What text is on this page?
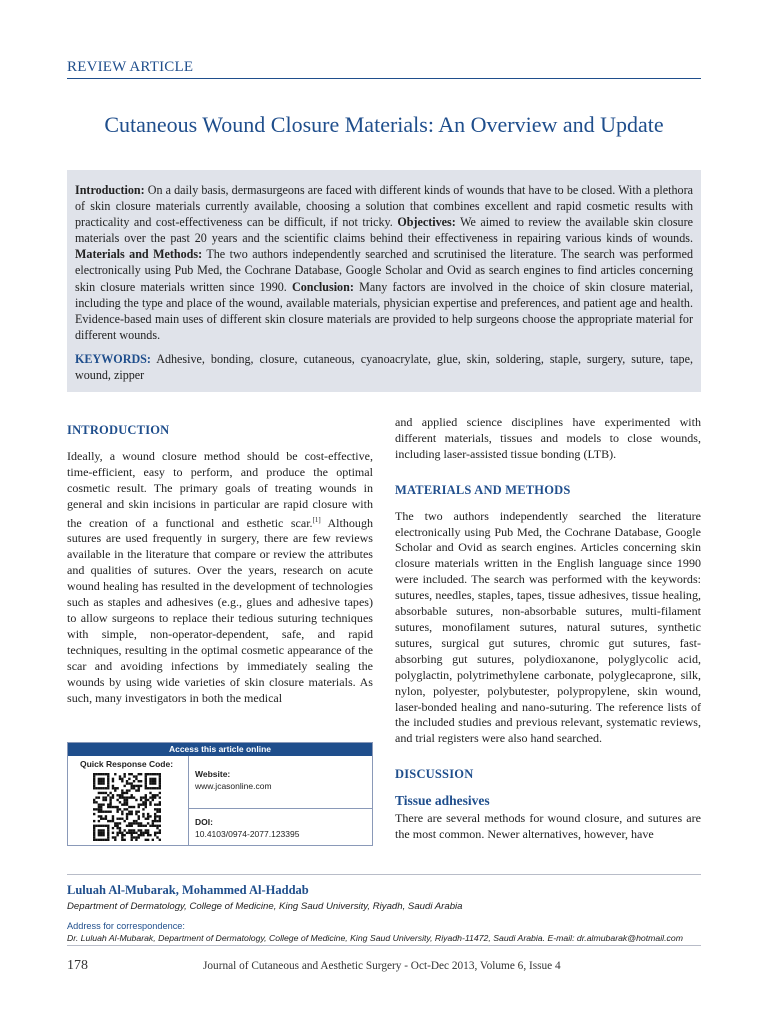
REVIEW ARTICLE
Cutaneous Wound Closure Materials: An Overview and Update

Introduction: On a daily basis, dermasurgeons are faced with different kinds of wounds that have to be closed. With a plethora of skin closure materials currently available, choosing a solution that combines excellent and rapid cosmetic results with practicality and cost-effectiveness can be difficult, if not tricky. Objectives: We aimed to review the available skin closure materials over the past 20 years and the scientific claims behind their effectiveness in repairing various kinds of wounds. Materials and Methods: The two authors independently searched and scrutinised the literature. The search was performed electronically using Pub Med, the Cochrane Database, Google Scholar and Ovid as search engines to find articles concerning skin closure materials written since 1990. Conclusion: Many factors are involved in the choice of skin closure material, including the type and place of the wound, available materials, physician expertise and preferences, and patient age and health. Evidence-based main uses of different skin closure materials are provided to help surgeons choose the appropriate material for different wounds.

KEYWORDS: Adhesive, bonding, closure, cutaneous, cyanoacrylate, glue, skin, soldering, staple, surgery, suture, tape, wound, zipper

INTRODUCTION

Ideally, a wound closure method should be cost-effective, time-efficient, easy to perform, and produce the optimal cosmetic result. The primary goals of treating wounds in general and skin incisions in particular are rapid closure with the creation of a functional and esthetic scar.[1] Although sutures are used frequently in surgery, there are few reviews available in the literature that compare or review the attributes and qualities of sutures. Over the years, research on acute wound healing has resulted in the development of technologies such as staples and adhesives (e.g., glues and adhesive tapes) to allow surgeons to replace their tedious suturing techniques with simple, non-operator-dependent, safe, and rapid techniques, resulting in the optimal cosmetic appearance of the scar and avoiding infections by immediately sealing the wounds by using wide varieties of skin closure materials. As such, many investigators in both the medical

Access this article online
Quick Response Code:
Website:
www.jcasonline.com
DOI:
10.4103/0974-2077.123395

and applied science disciplines have experimented with different materials, tissues and models to close wounds, including laser-assisted tissue bonding (LTB).

MATERIALS AND METHODS

The two authors independently searched the literature electronically using Pub Med, the Cochrane Database, Google Scholar and Ovid as search engines. Articles concerning skin closure materials written in the English language since 1990 were included. The search was performed with the keywords: sutures, needles, staples, tapes, tissue adhesives, tissue healing, absorbable sutures, non-absorbable sutures, multi-filament sutures, monofilament sutures, natural sutures, synthetic sutures, surgical gut sutures, chromic gut sutures, fast-absorbing gut sutures, polydioxanone, polyglycolic acid, polyglactin, polytrimethylene carbonate, polyglecaprone, silk, nylon, polyester, polybutester, polypropylene, skin wound, laser-bonded healing and nano-suturing. The reference lists of the included studies and previous relevant, systematic reviews, and trial registers were also hand searched.

DISCUSSION
Tissue adhesives

There are several methods for wound closure, and sutures are the most common. Newer alternatives, however, have

Luluah Al-Mubarak, Mohammed Al-Haddab
Department of Dermatology, College of Medicine, King Saud University, Riyadh, Saudi Arabia
Address for correspondence:
Dr. Luluah Al-Mubarak, Department of Dermatology, College of Medicine, King Saud University, Riyadh-11472, Saudi Arabia. E-mail: dr.almubarak@hotmail.com
178	Journal of Cutaneous and Aesthetic Surgery - Oct-Dec 2013, Volume 6, Issue 4
